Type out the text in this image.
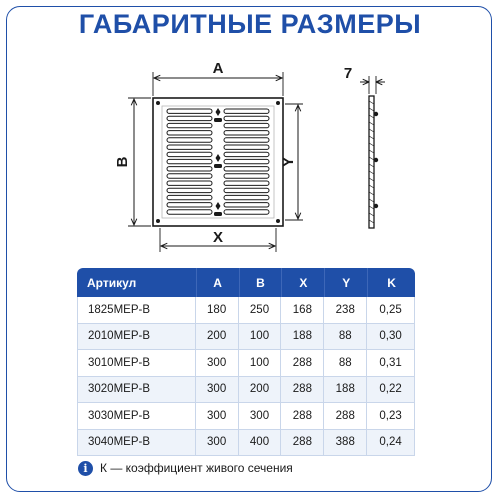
ГАБАРИТНЫЕ РАЗМЕРЫ
A
B
X
Y
7
Артикул	A	B	X	Y	K
1825МЕР-В	180	250	168	238	0,25
2010МЕР-В	200	100	188	88	0,30
3010МЕР-В	300	100	288	88	0,31
3020МЕР-В	300	200	288	188	0,22
3030МЕР-В	300	300	288	288	0,23
3040МЕР-В	300	400	288	388	0,24
i	К — коэффициент живого сечения
